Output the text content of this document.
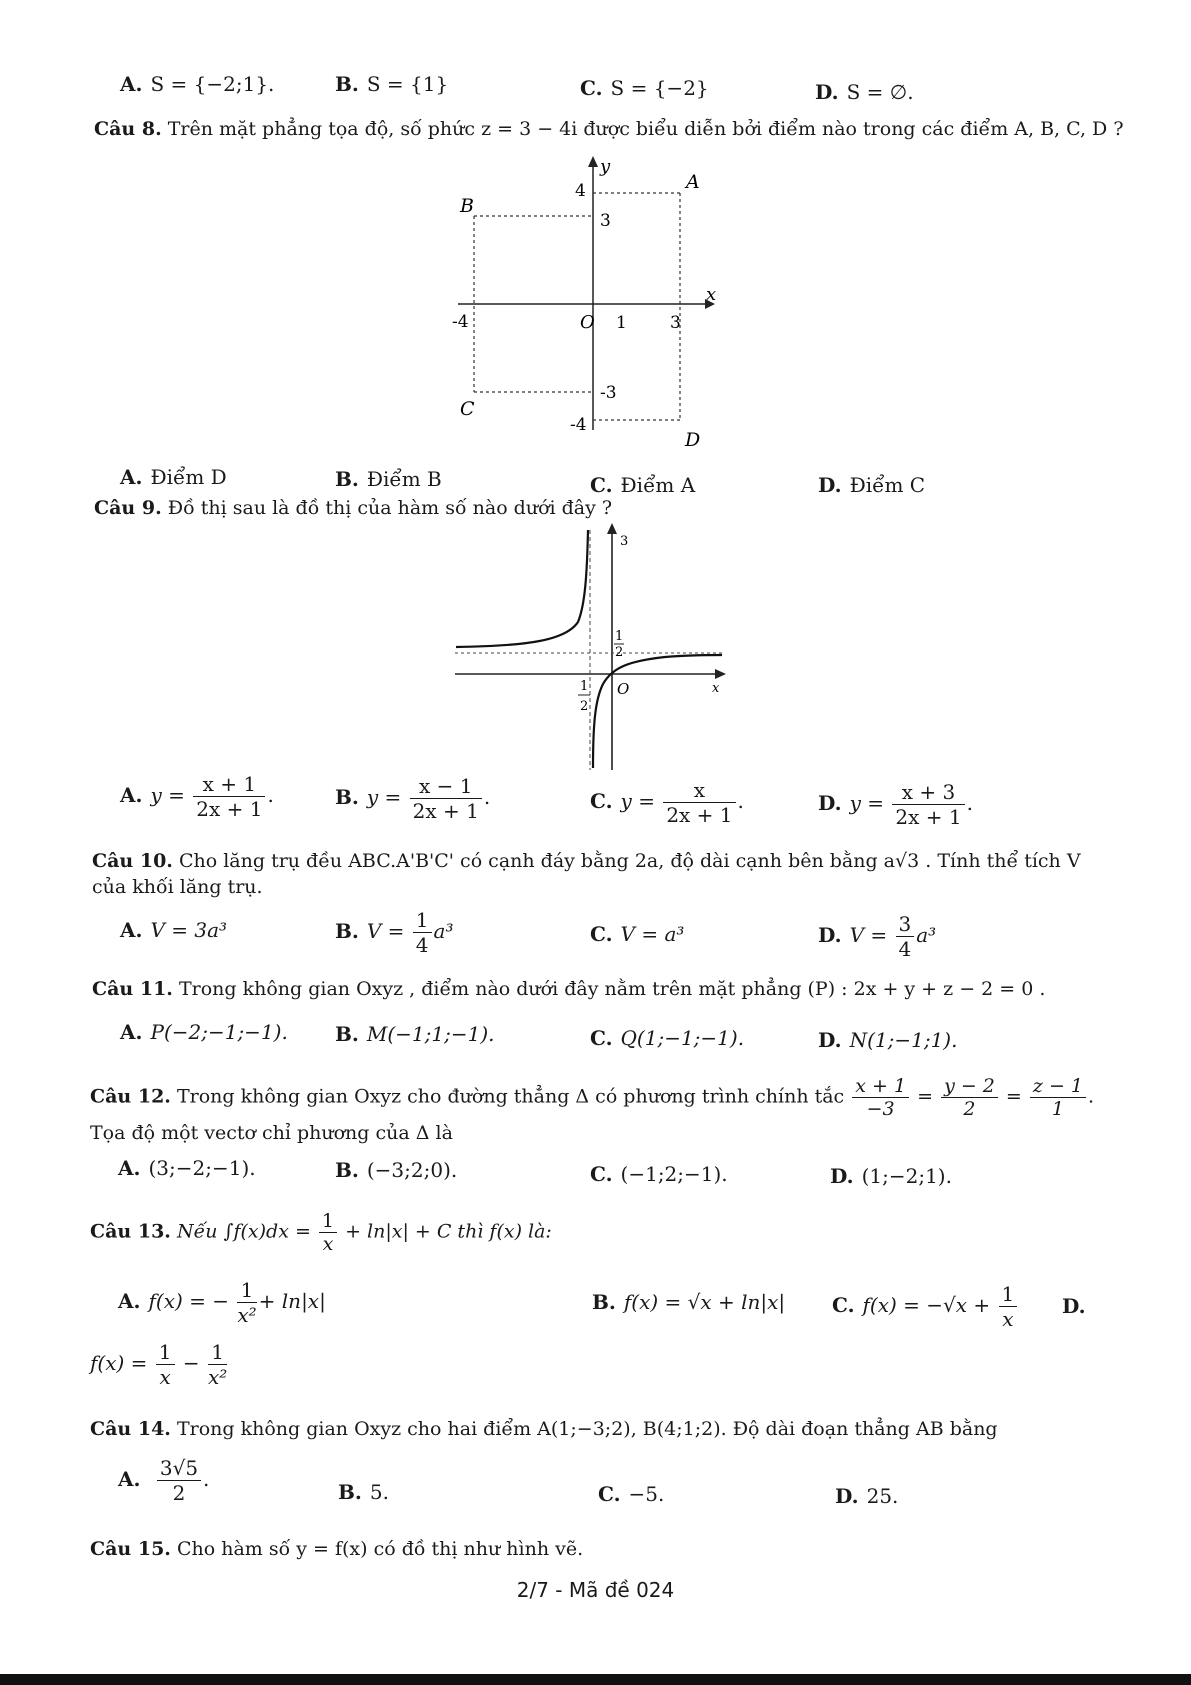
A. S = {−2;1}.	B. S = {1}	C. S = {−2}	D. S = ∅.
Câu 8. Trên mặt phẳng tọa độ, số phức z = 3 − 4i được biểu diễn bởi điểm nào trong các điểm A, B, C, D ?
y
x
4
3
-3
-4
-4	O 1	3
A
B
C
D
A. Điểm D	B. Điểm B	C. Điểm A	D. Điểm C
Câu 9. Đồ thị sau là đồ thị của hàm số nào dưới đây ?
3
1
2
O	x
1
2
A. $y = \frac{x + 1}{2x + 1}$ .	B. $y = \frac{x - 1}{2x + 1}$ .	C. $y = \frac{x}{2x + 1}$ .	D. $y = \frac{x + 3}{2x + 1}$ .
Câu 10. Cho lăng trụ đều ABC.A'B'C' có cạnh đáy bằng 2a, độ dài cạnh bên bằng a√3 . Tính thể tích V
của khối lăng trụ.
A. V = 3a³	B. $V = \frac{1}{4} a^3$	C. V = a³	D. $V = \frac{3}{4} a^3$
Câu 11. Trong không gian Oxyz , điểm nào dưới đây nằm trên mặt phẳng (P) : 2x + y + z − 2 = 0 .
A. P(−2;−1;−1). B. M(−1;1;−1).	C. Q(1;−1;−1).	D. N(1;−1;1).
Câu 12. Trong không gian Oxyz cho đường thẳng Δ có phương trình chính tắc $\frac{x + 1}{-3} = \frac{y - 2}{2} = \frac{z - 1}{1}$ .
Tọa độ một vectơ chỉ phương của Δ là
A. (3;−2;−1).	B. (−3;2;0).	C. (−1;2;−1).	D. (1;−2;1).
Câu 13. Nếu $\int f(x)dx = \frac{1}{x} + \ln|x| + C$ thì f(x) là:
A. f(x) = − $\frac{1}{\text{x²}} + \ln|x|$	B. f(x) = √x + ln|x| C. $f(x) = -√x + \frac{1}{x} D$.
$f(x) = \frac{1}{x} - \frac{1}{\text{x²}}$
Câu 14. Trong không gian Oxyz cho hai điểm A(1;−3;2), B(4;1;2). Độ dài đoạn thẳng AB bằng
A. $\frac{3√5}{2}$ .
B. 5.	C. −5.	D. 25.
Câu 15. Cho hàm số y = f(x) có đồ thị như hình vẽ.
2/7 - Mã đề 024
